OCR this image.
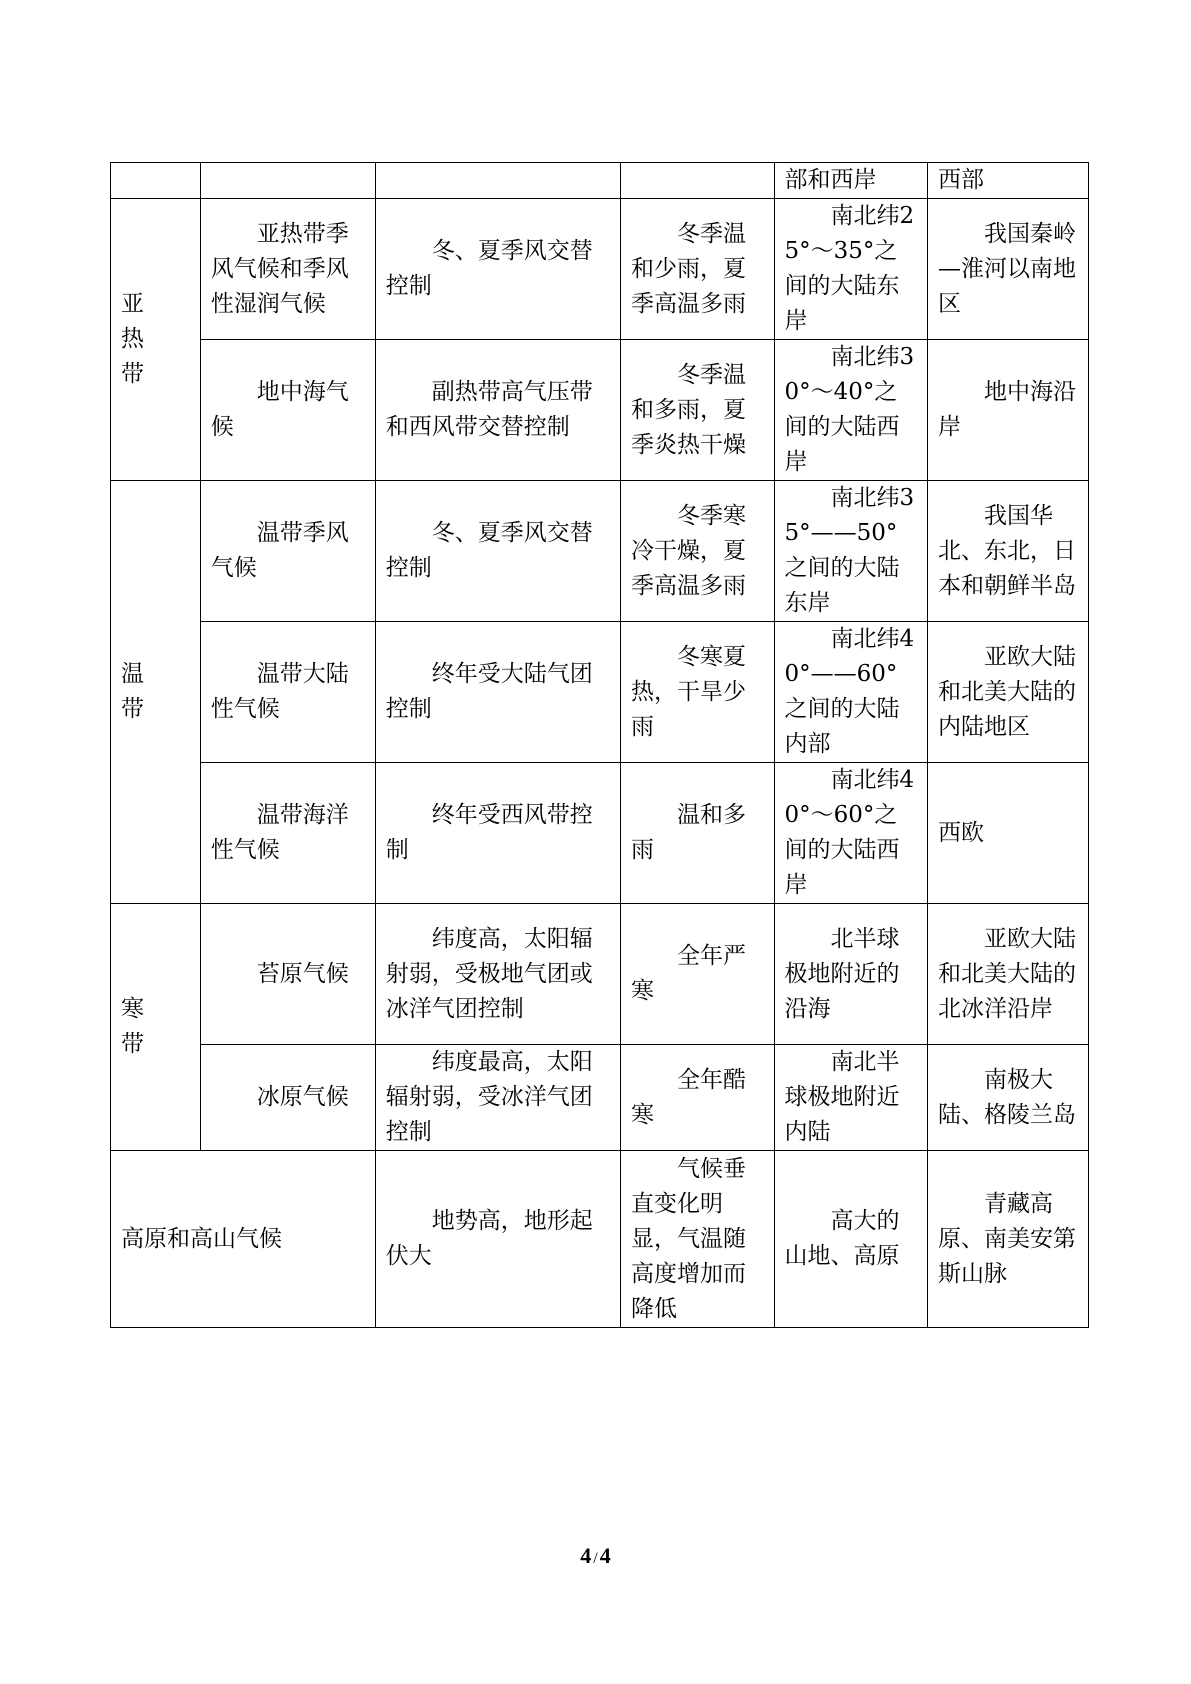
				部和西岸	西部
亚热带	亚热带季风气候和季风性湿润气候	冬、夏季风交替控制	冬季温和少雨，夏季高温多雨	南北纬25°～35°之间的大陆东岸	我国秦岭—淮河以南地区

	地中海气候	副热带高气压带和西风带交替控制	冬季温和多雨，夏季炎热干燥	南北纬30°～40°之间的大陆西岸	地中海沿岸

温带	温带季风气候	冬、夏季风交替控制	冬季寒冷干燥，夏季高温多雨	南北纬35°——50°之间的大陆东岸	我国华北、东北，日本和朝鲜半岛

	温带大陆性气候	终年受大陆气团控制	冬寒夏热，干旱少雨	南北纬40°——60°之间的大陆内部	亚欧大陆和北美大陆的内陆地区

	温带海洋性气候	终年受西风带控制	温和多雨	南北纬40°～60°之间的大陆西岸	西欧
寒带	苔原气候	纬度高，太阳辐射弱，受极地气团或冰洋气团控制	全年严寒	北半球极地附近的沿海	亚欧大陆和北美大陆的北冰洋沿岸

	冰原气候	纬度最高，太阳辐射弱，受冰洋气团控制	全年酷寒	南北半球极地附近内陆	南极大陆、格陵兰岛

高原和高山气候		地势高，地形起伏大	气候垂直变化明显，气温随高度增加而降低	高大的山地、高原	青藏高原、南美安第斯山脉
4 /4
